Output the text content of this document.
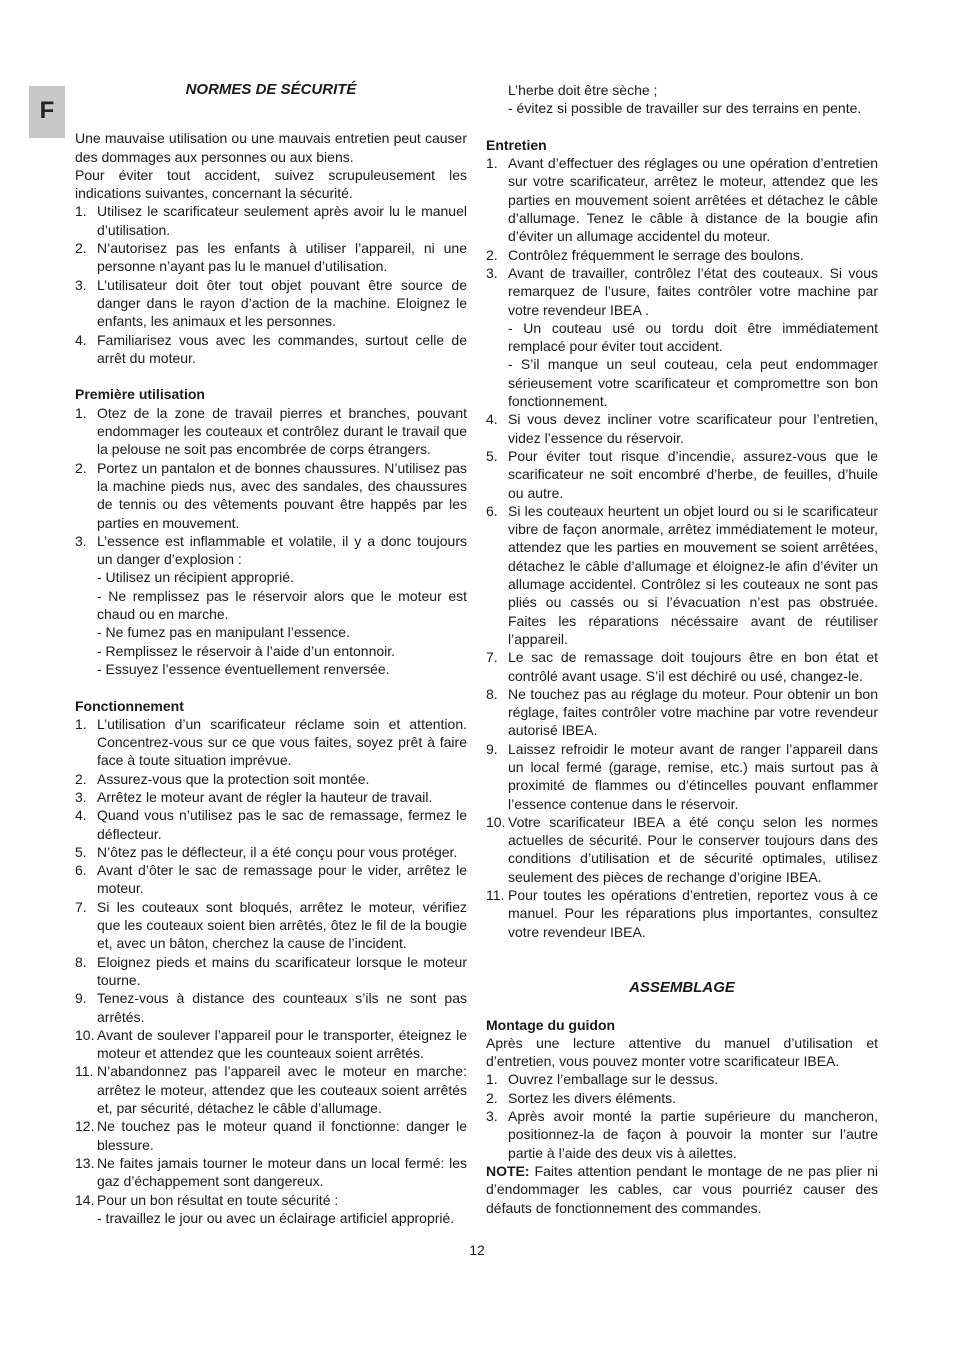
F

NORMES DE SÉCURITÉ

Une mauvaise utilisation ou une mauvais entretien peut causer des dommages aux personnes ou aux biens.

Pour éviter tout accident, suivez scrupuleusement les indications suivantes, concernant la sécurité.

1. Utilisez le scarificateur seulement après avoir lu le manuel d’utilisation.
2. N’autorisez pas les enfants à utiliser l’appareil, ni une personne n’ayant pas lu le manuel d’utilisation.
3. L’utilisateur doit ôter tout objet pouvant être source de danger dans le rayon d’action de la machine. Eloignez le enfants, les animaux et les personnes.
4. Familiarisez vous avec les commandes, surtout celle de arrêt du moteur.

Première utilisation

1. Otez de la zone de travail pierres et branches, pouvant endommager les couteaux et contrôlez durant le travail que la pelouse ne soit pas encombrée de corps étrangers.
2. Portez un pantalon et de bonnes chaussures. N’utilisez pas la machine pieds nus, avec des sandales, des chaussures de tennis ou des vêtements pouvant être happés par les parties en mouvement.
3. L’essence est inflammable et volatile, il y a donc toujours un danger d’explosion :
- Utilisez un récipient approprié.
- Ne remplissez pas le réservoir alors que le moteur est chaud ou en marche.
- Ne fumez pas en manipulant l’essence.
- Remplissez le réservoir à l’aide d’un entonnoir.
- Essuyez l’essence éventuellement renversée.

Fonctionnement

1. L’utilisation d’un scarificateur réclame soin et attention. Concentrez-vous sur ce que vous faites, soyez prêt à faire face à toute situation imprévue.
2. Assurez-vous que la protection soit montée.
3. Arrêtez le moteur avant de régler la hauteur de travail.
4. Quand vous n’utilisez pas le sac de remassage, fermez le déflecteur.
5. N’ôtez pas le déflecteur, il a été conçu pour vous protéger.
6. Avant d’ôter le sac de remassage pour le vider, arrêtez le moteur.
7. Si les couteaux sont bloqués, arrêtez le moteur, vérifiez que les couteaux soient bien arrêtés, ôtez le fil de la bougie et, avec un bâton, cherchez la cause de l’incident.
8. Eloignez pieds et mains du scarificateur lorsque le moteur tourne.
9. Tenez-vous à distance des counteaux s’ils ne sont pas arrêtés.
10. Avant de soulever l’appareil pour le transporter, éteignez le moteur et attendez que les counteaux soient arrêtés.
11. N’abandonnez pas l’appareil avec le moteur en marche: arrêtez le moteur, attendez que les couteaux soient arrêtés et, par sécurité, détachez le câble d’allumage.
12. Ne touchez pas le moteur quand il fonctionne: danger le blessure.
13. Ne faites jamais tourner le moteur dans un local fermé: les gaz d’échappement sont dangereux.
14. Pour un bon résultat en toute sécurité :
- travaillez le jour ou avec un éclairage artificiel approprié.
L’herbe doit être sèche ;
- évitez si possible de travailler sur des terrains en pente.

Entretien

1. Avant d’effectuer des réglages ou une opération d’entretien sur votre scarificateur, arrêtez le moteur, attendez que les parties en mouvement soient arrêtées et détachez le câble d’allumage. Tenez le câble à distance de la bougie afin d’éviter un allumage accidentel du moteur.
2. Contrôlez fréquemment le serrage des boulons.
3. Avant de travailler, contrôlez l’état des couteaux. Si vous remarquez de l’usure, faites contrôler votre machine par votre revendeur IBEA .
- Un couteau usé ou tordu doit être immédiatement remplacé pour éviter tout accident.
- S’il manque un seul couteau, cela peut endommager sérieusement votre scarificateur et compromettre son bon fonctionnement.
4. Si vous devez incliner votre scarificateur pour l’entretien, videz l’essence du réservoir.
5. Pour éviter tout risque d’incendie, assurez-vous que le scarificateur ne soit encombré d’herbe, de feuilles, d’huile ou autre.
6. Si les couteaux heurtent un objet lourd ou si le scarificateur vibre de façon anormale, arrêtez immédiatement le moteur, attendez que les parties en mouvement se soient arrêtées, détachez le câble d’allumage et éloignez-le afin d’éviter un allumage accidentel. Contrôlez si les couteaux ne sont pas pliés ou cassés ou si l’évacuation n’est pas obstruée. Faites les réparations nécéssaire avant de réutiliser l’appareil.
7. Le sac de remassage doit toujours être en bon état et contrôlé avant usage. S’il est déchiré ou usé, changez-le.
8. Ne touchez pas au réglage du moteur. Pour obtenir un bon réglage, faites contrôler votre machine par votre revendeur autorisé IBEA.
9. Laissez refroidir le moteur avant de ranger l’appareil dans un local fermé (garage, remise, etc.) mais surtout pas à proximité de flammes ou d’étincelles pouvant enflammer l’essence contenue dans le réservoir.
10. Votre scarificateur IBEA a été conçu selon les normes actuelles de sécurité. Pour le conserver toujours dans des conditions d’utilisation et de sécurité optimales, utilisez seulement des pièces de rechange d’origine IBEA.
11. Pour toutes les opérations d’entretien, reportez vous à ce manuel. Pour les réparations plus importantes, consultez votre revendeur IBEA.

ASSEMBLAGE

Montage du guidon

Après une lecture attentive du manuel d’utilisation et d’entretien, vous pouvez monter votre scarificateur IBEA.

1. Ouvrez l’emballage sur le dessus.
2. Sortez les divers éléments.
3. Après avoir monté la partie supérieure du mancheron, positionnez-la de façon à pouvoir la monter sur l’autre partie à l’aide des deux vis à ailettes.

NOTE: Faites attention pendant le montage de ne pas plier ni d’endommager les cables, car vous pourriéz causer des défauts de fonctionnement des commandes.

12
